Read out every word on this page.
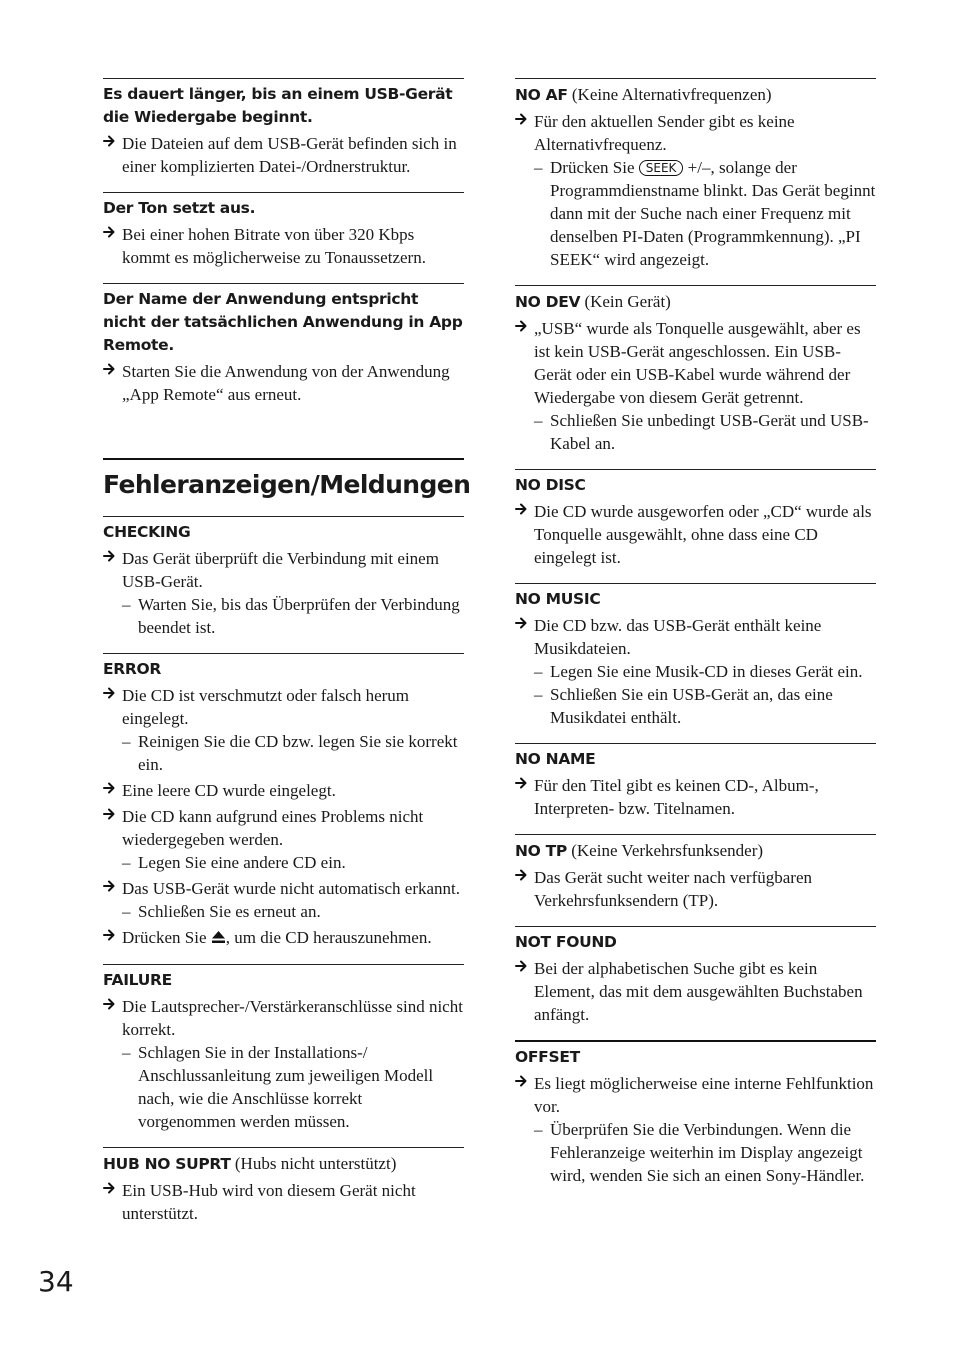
Es dauert länger, bis an einem USB-Gerät die Wiedergabe beginnt.

Die Dateien auf dem USB-Gerät befinden sich in einer komplizierten Datei-/Ordnerstruktur.

Der Ton setzt aus.

Bei einer hohen Bitrate von über 320 Kbps kommt es möglicherweise zu Tonaussetzern.

Der Name der Anwendung entspricht nicht der tatsächlichen Anwendung in App Remote.

Starten Sie die Anwendung von der Anwendung „App Remote“ aus erneut.
Fehleranzeigen/Meldungen

CHECKING

Das Gerät überprüft die Verbindung mit einem USB-Gerät.
– Warten Sie, bis das Überprüfen der Verbindung beendet ist.

ERROR

Die CD ist verschmutzt oder falsch herum eingelegt.
– Reinigen Sie die CD bzw. legen Sie sie korrekt ein.
Eine leere CD wurde eingelegt.
Die CD kann aufgrund eines Problems nicht wiedergegeben werden.
– Legen Sie eine andere CD ein.
Das USB-Gerät wurde nicht automatisch erkannt.
– Schließen Sie es erneut an.
Drücken Sie , um die CD herauszunehmen.

FAILURE

Die Lautsprecher-/Verstärkeranschlüsse sind nicht korrekt.
– Schlagen Sie in der Installations-/ Anschlussanleitung zum jeweiligen Modell nach, wie die Anschlüsse korrekt vorgenommen werden müssen.

HUB NO SUPRT (Hubs nicht unterstützt)

Ein USB-Hub wird von diesem Gerät nicht unterstützt.

NO AF (Keine Alternativfrequenzen)

Für den aktuellen Sender gibt es keine Alternativfrequenz.
– Drücken Sie SEEK +/–, solange der Programmdienstname blinkt. Das Gerät beginnt dann mit der Suche nach einer Frequenz mit denselben PI-Daten (Programmkennung). „PI SEEK“ wird angezeigt.

NO DEV (Kein Gerät)

„USB“ wurde als Tonquelle ausgewählt, aber es ist kein USB-Gerät angeschlossen. Ein USB-Gerät oder ein USB-Kabel wurde während der Wiedergabe von diesem Gerät getrennt.
– Schließen Sie unbedingt USB-Gerät und USB-Kabel an.

NO DISC

Die CD wurde ausgeworfen oder „CD“ wurde als Tonquelle ausgewählt, ohne dass eine CD eingelegt ist.

NO MUSIC

Die CD bzw. das USB-Gerät enthält keine Musikdateien.
– Legen Sie eine Musik-CD in dieses Gerät ein.
– Schließen Sie ein USB-Gerät an, das eine Musikdatei enthält.

NO NAME

Für den Titel gibt es keinen CD-, Album-, Interpreten- bzw. Titelnamen.

NO TP (Keine Verkehrsfunksender)

Das Gerät sucht weiter nach verfügbaren Verkehrsfunksendern (TP).

NOT FOUND

Bei der alphabetischen Suche gibt es kein Element, das mit dem ausgewählten Buchstaben anfängt.

OFFSET

Es liegt möglicherweise eine interne Fehlfunktion vor.
– Überprüfen Sie die Verbindungen. Wenn die Fehleranzeige weiterhin im Display angezeigt wird, wenden Sie sich an einen Sony-Händler.

34
